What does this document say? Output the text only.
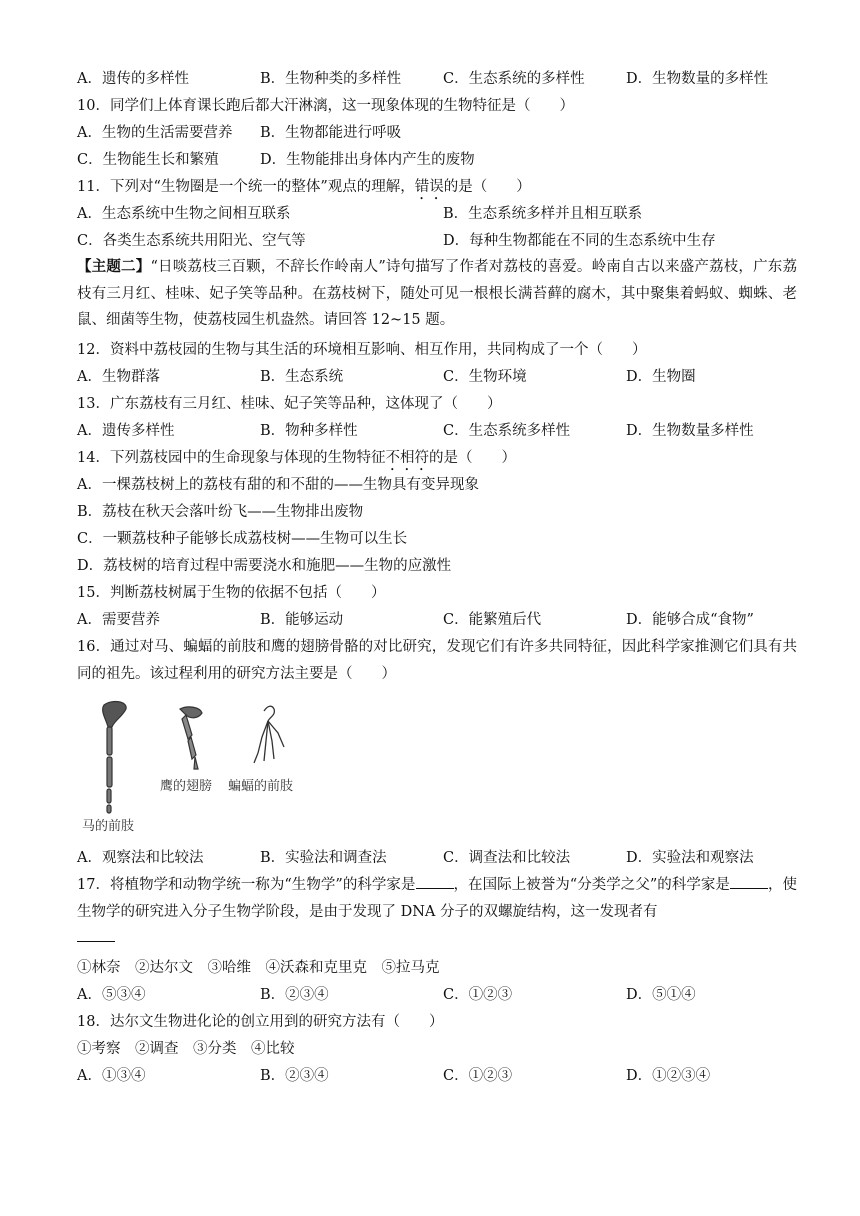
A．遗传的多样性	B．生物种类的多样性	C．生态系统的多样性	D．生物数量的多样性
10．同学们上体育课长跑后都大汗淋漓，这一现象体现的生物特征是（　　）
A．生物的生活需要营养 B．生物都能进行呼吸
C．生物能生长和繁殖	D．生物能排出身体内产生的废物
11．下列对“生物圈是一个统一的整体”观点的理解，错误的是（　　）
A．生态系统中生物之间相互联系	B．生态系统多样并且相互联系
C．各类生态系统共用阳光、空气等	D．每种生物都能在不同的生态系统中生存
【主题二】“日啖荔枝三百颗，不辞长作岭南人”诗句描写了作者对荔枝的喜爱。岭南自古以来盛产荔枝，广东荔枝有三月红、桂味、妃子笑等品种。在荔枝树下，随处可见一根根长满苔藓的腐木，其中聚集着蚂蚁、蜘蛛、老鼠、细菌等生物，使荔枝园生机盎然。请回答 12~15 题。
12．资料中荔枝园的生物与其生活的环境相互影响、相互作用，共同构成了一个（　　）
A．生物群落	B．生态系统	C．生物环境	D．生物圈
13．广东荔枝有三月红、桂味、妃子笑等品种，这体现了（　　）
A．遗传多样性	B．物种多样性	C．生态系统多样性	D．生物数量多样性
14．下列荔枝园中的生命现象与体现的生物特征不相符的是（　　）
A．一棵荔枝树上的荔枝有甜的和不甜的——生物具有变异现象
B．荔枝在秋天会落叶纷飞——生物排出废物
C．一颗荔枝种子能够长成荔枝树——生物可以生长
D．荔枝树的培育过程中需要浇水和施肥——生物的应激性
15．判断荔枝树属于生物的依据不包括（　　）
A．需要营养	B．能够运动	C．能繁殖后代	D．能够合成“食物”
16．通过对马、蝙蝠的前肢和鹰的翅膀骨骼的对比研究，发现它们有许多共同特征，因此科学家推测它们具有共同的祖先。该过程利用的研究方法主要是（　　）
鹰的翅膀 蝙蝠的前肢
马的前肢
A．观察法和比较法	B．实验法和调查法	C．调查法和比较法	D．实验法和观察法
17．将植物学和动物学统一称为“生物学”的科学家是	，在国际上被誉为“分类学之父”的科学家是	，使生物学的研究进入分子生物学阶段，是由于发现了 DNA 分子的双螺旋结构，这一发现者有

①林奈　②达尔文　③哈维　④沃森和克里克　⑤拉马克
A．⑤③④	B．②③④	C．①②③	D．⑤①④
18．达尔文生物进化论的创立用到的研究方法有（　　）
①考察　②调查　③分类　④比较
A．①③④	B．②③④	C．①②③	D．①②③④
